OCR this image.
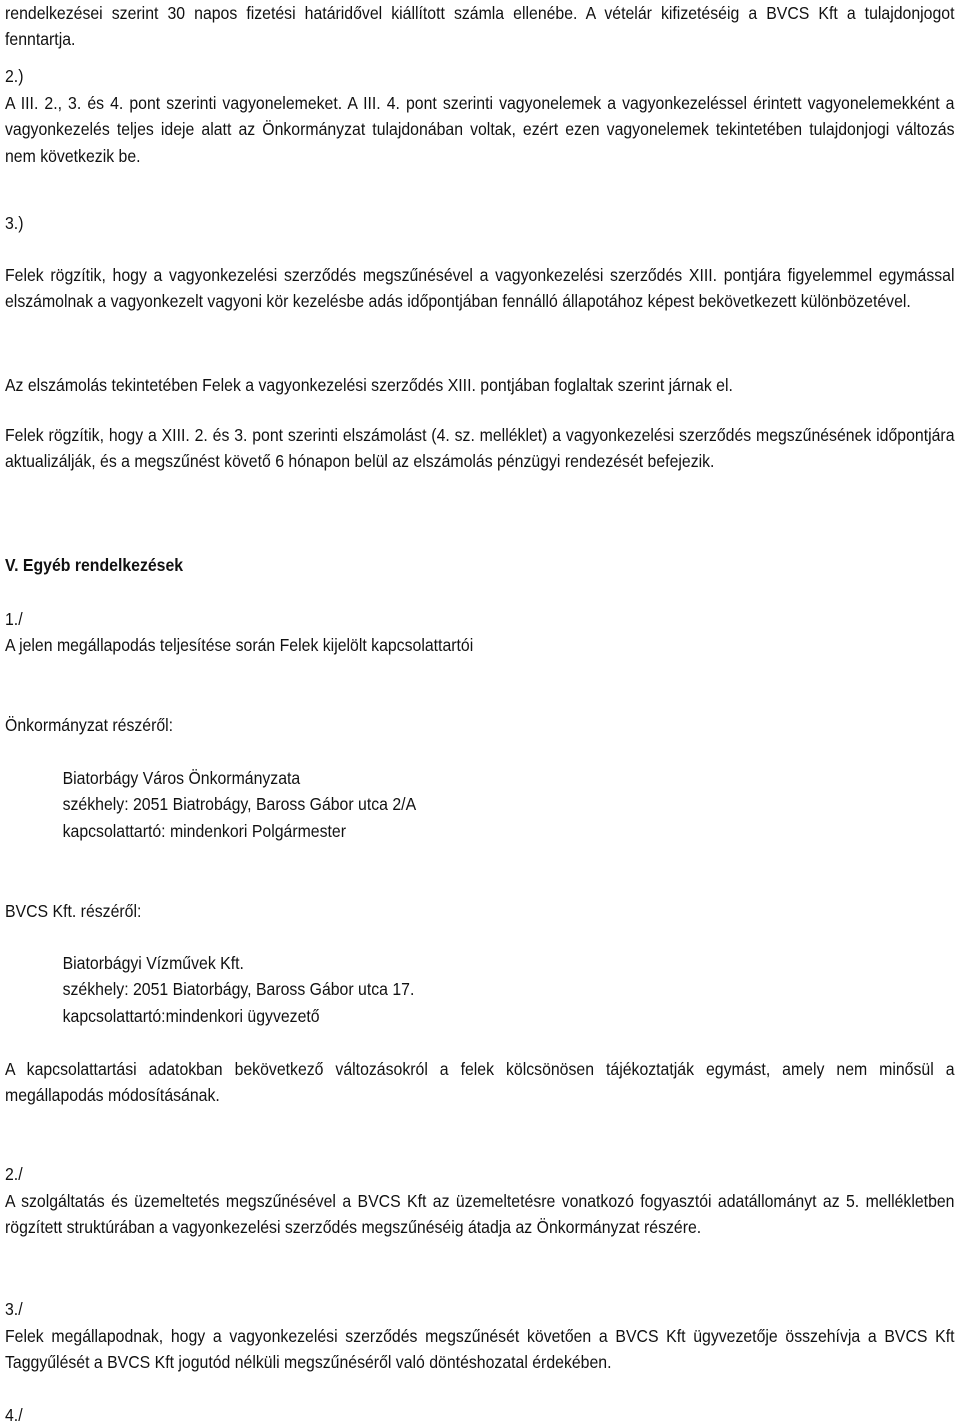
rendelkezései szerint 30 napos fizetési határidővel kiállított számla ellenébe. A vételár kifizetéséig a BVCS Kft a tulajdonjogot fenntartja.

2.)

A III. 2., 3. és 4. pont szerinti vagyonelemeket. A III. 4. pont szerinti vagyonelemek a vagyonkezeléssel érintett vagyonelemekként a vagyonkezelés teljes ideje alatt az Önkormányzat tulajdonában voltak, ezért ezen vagyonelemek tekintetében tulajdonjogi változás nem következik be.

3.)

Felek rögzítik, hogy a vagyonkezelési szerződés megszűnésével a vagyonkezelési szerződés XIII. pontjára figyelemmel egymással elszámolnak a vagyonkezelt vagyoni kör kezelésbe adás időpontjában fennálló állapotához képest bekövetkezett különbözetével.

Az elszámolás tekintetében Felek a vagyonkezelési szerződés XIII. pontjában foglaltak szerint járnak el.

Felek rögzítik, hogy a XIII. 2. és 3. pont szerinti elszámolást (4. sz. melléklet) a vagyonkezelési szerződés megszűnésének időpontjára aktualizálják, és a megszűnést követő 6 hónapon belül az elszámolás pénzügyi rendezését befejezik.

V. Egyéb rendelkezések

1./

A jelen megállapodás teljesítése során Felek kijelölt kapcsolattartói

Önkormányzat részéről:

Biatorbágy Város Önkormányzata
székhely: 2051 Biatrobágy, Baross Gábor utca 2/A
kapcsolattartó: mindenkori Polgármester

BVCS Kft. részéről:

Biatorbágyi Vízművek Kft.
székhely: 2051 Biatorbágy, Baross Gábor utca 17.
kapcsolattartó:mindenkori ügyvezető

A kapcsolattartási adatokban bekövetkező változásokról a felek kölcsönösen tájékoztatják egymást, amely nem minősül a megállapodás módosításának.

2./

A szolgáltatás és üzemeltetés megszűnésével a BVCS Kft az üzemeltetésre vonatkozó fogyasztói adatállományt az 5. mellékletben rögzített struktúrában a vagyonkezelési szerződés megszűnéséig átadja az Önkormányzat részére.

3./

Felek megállapodnak, hogy a vagyonkezelési szerződés megszűnését követően a BVCS Kft ügyvezetője összehívja a BVCS Kft Taggyűlését a BVCS Kft jogutód nélküli megszűnéséről való döntéshozatal érdekében.

4./
